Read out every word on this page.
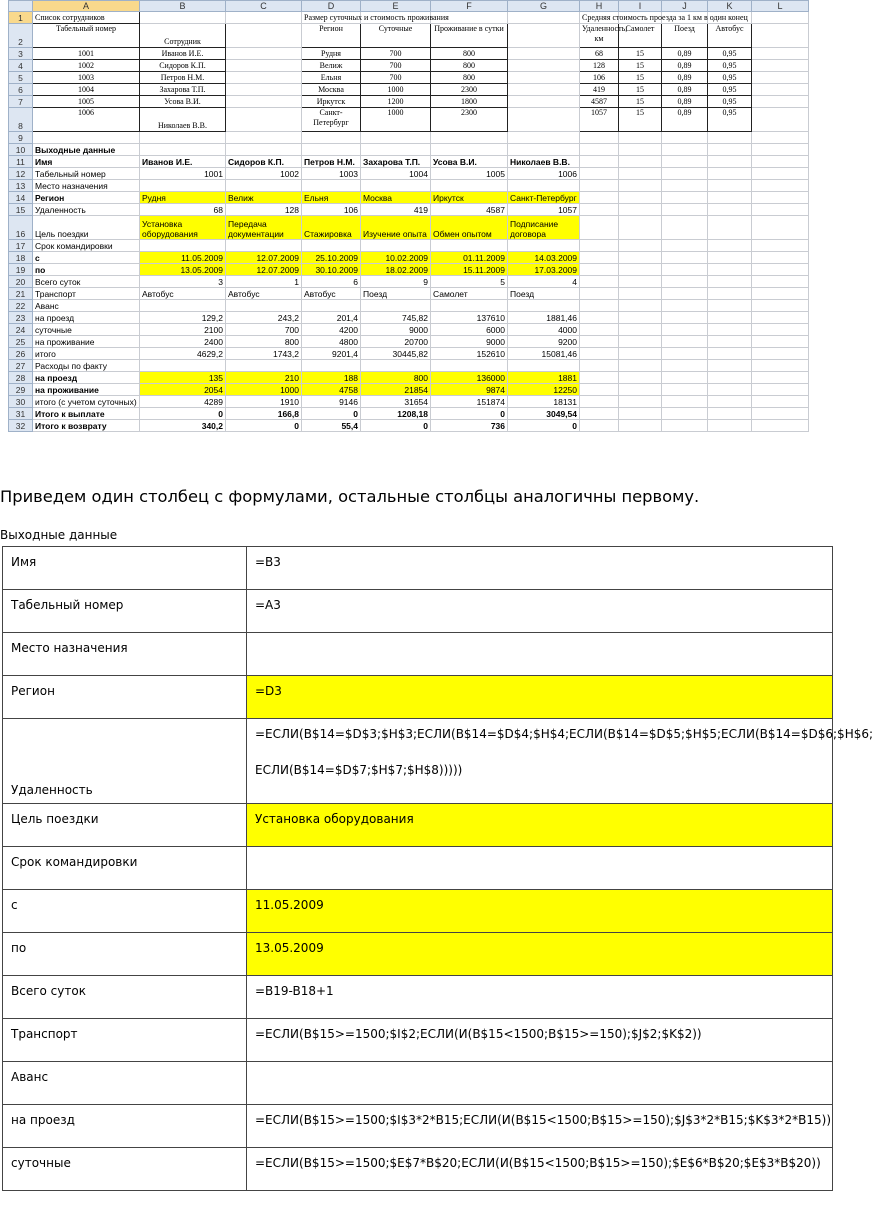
	A	B	C	D	E	F	G	H	I	J	K	L
1	Список сотрудников			Размер суточных и стоимость проживания				Средняя стоимость проезда за 1 км в один конец				
2	Табельный номер	Сотрудник		Регион	Суточные	Проживание в сутки		Удаленность, км	Самолет	Поезд	Автобус	
3	1001	Иванов И.Е.		Рудня	700	800		68	15	0,89	0,95	
4	1002	Сидоров К.П.		Велиж	700	800		128	15	0,89	0,95	
5	1003	Петров Н.М.		Ельня	700	800		106	15	0,89	0,95	
6	1004	Захарова Т.П.		Москва	1000	2300		419	15	0,89	0,95	
7	1005	Усова В.И.		Иркутск	1200	1800		4587	15	0,89	0,95	
8	1006	Николаев В.В.		Санкт-Петербург	1000	2300		1057	15	0,89	0,95	
9												
10	Выходные данные											
11	Имя	Иванов И.Е.	Сидоров К.П.	Петров Н.М.	Захарова Т.П.	Усова В.И.	Николаев В.В.					
12	Табельный номер	1001	1002	1003	1004	1005	1006					
13	Место назначения											
14	Регион	Рудня	Велиж	Ельня	Москва	Иркутск	Санкт-Петербург					
15	Удаленность	68	128	106	419	4587	1057					
16	Цель поездки	Установка оборудования	Передача документации	Стажировка	Изучение опыта	Обмен опытом	Подписание договора					
17	Срок командировки											
18	с	11.05.2009	12.07.2009	25.10.2009	10.02.2009	01.11.2009	14.03.2009					
19	по	13.05.2009	12.07.2009	30.10.2009	18.02.2009	15.11.2009	17.03.2009					
20	Всего суток	3	1	6	9	5	4					
21	Транспорт	Автобус	Автобус	Автобус	Поезд	Самолет	Поезд					
22	Аванс											
23	на проезд	129,2	243,2	201,4	745,82	137610	1881,46					
24	суточные	2100	700	4200	9000	6000	4000					
25	на проживание	2400	800	4800	20700	9000	9200					
26	итого	4629,2	1743,2	9201,4	30445,82	152610	15081,46					
27	Расходы по факту											
28	на проезд	135	210	188	800	136000	1881					
29	на проживание	2054	1000	4758	21854	9874	12250					
30	итого (с учетом суточных)	4289	1910	9146	31654	151874	18131					
31	Итого к выплате	0	166,8	0	1208,18	0	3049,54					
32	Итого к возврату	340,2	0	55,4	0	736	0					
Приведем один столбец с формулами, остальные столбцы аналогичны первому.
Выходные данные
Имя	=B3
Табельный номер	=A3
Место назначения	
Регион	=D3
Удаленность	=ЕСЛИ(B$14=$D$3;$H$3;ЕСЛИ(B$14=$D$4;$H$4;ЕСЛИ(B$14=$D$5;$H$5;ЕСЛИ(B$14=$D$6;$H$6;
ЕСЛИ(B$14=$D$7;$H$7;$H$8)))))
Цель поездки	Установка оборудования
Срок командировки	
с	11.05.2009
по	13.05.2009
Всего суток	=B19-B18+1
Транспорт	=ЕСЛИ(B$15>=1500;$I$2;ЕСЛИ(И(B$15<1500;B$15>=150);$J$2;$K$2))
Аванс	
на проезд	=ЕСЛИ(B$15>=1500;$I$3*2*B15;ЕСЛИ(И(B$15<1500;B$15>=150);$J$3*2*B15;$K$3*2*B15))
суточные	=ЕСЛИ(B$15>=1500;$E$7*B$20;ЕСЛИ(И(B$15<1500;B$15>=150);$E$6*B$20;$E$3*B$20))
